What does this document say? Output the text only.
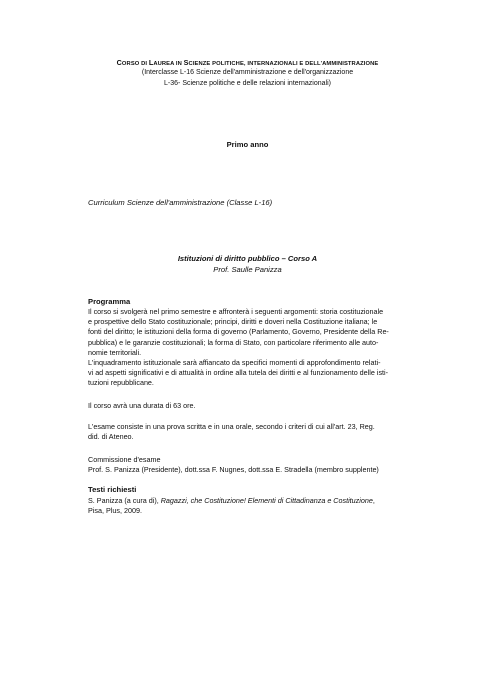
CORSO DI LAUREA IN SCIENZE POLITICHE, INTERNAZIONALI E DELL'AMMINISTRAZIONE
(Interclasse L-16 Scienze dell'amministrazione e dell'organizzazione
L-36- Scienze politiche e delle relazioni internazionali)
Primo anno
Curriculum Scienze dell'amministrazione (Classe L-16)
Istituzioni di diritto pubblico – Corso A
Prof. Saulle Panizza
Programma
Il corso si svolgerà nel primo semestre e affronterà i seguenti argomenti: storia costituzionale
e prospettive dello Stato costituzionale; principi, diritti e doveri nella Costituzione italiana; le
fonti del diritto; le istituzioni della forma di governo (Parlamento, Governo, Presidente della Re-
pubblica) e le garanzie costituzionali; la forma di Stato, con particolare riferimento alle auto-
nomie territoriali.
L'inquadramento istituzionale sarà affiancato da specifici momenti di approfondimento relati-
vi ad aspetti significativi e di attualità in ordine alla tutela dei diritti e al funzionamento delle isti-
tuzioni repubblicane.
Il corso avrà una durata di 63 ore.
L'esame consiste in una prova scritta e in una orale, secondo i criteri di cui all'art. 23, Reg.
did. di Ateneo.
Commissione d'esame
Prof. S. Panizza (Presidente), dott.ssa F. Nugnes, dott.ssa E. Stradella (membro supplente)
Testi richiesti
S. Panizza (a cura di), Ragazzi, che Costituzione! Elementi di Cittadinanza e Costituzione,
Pisa, Plus, 2009.
